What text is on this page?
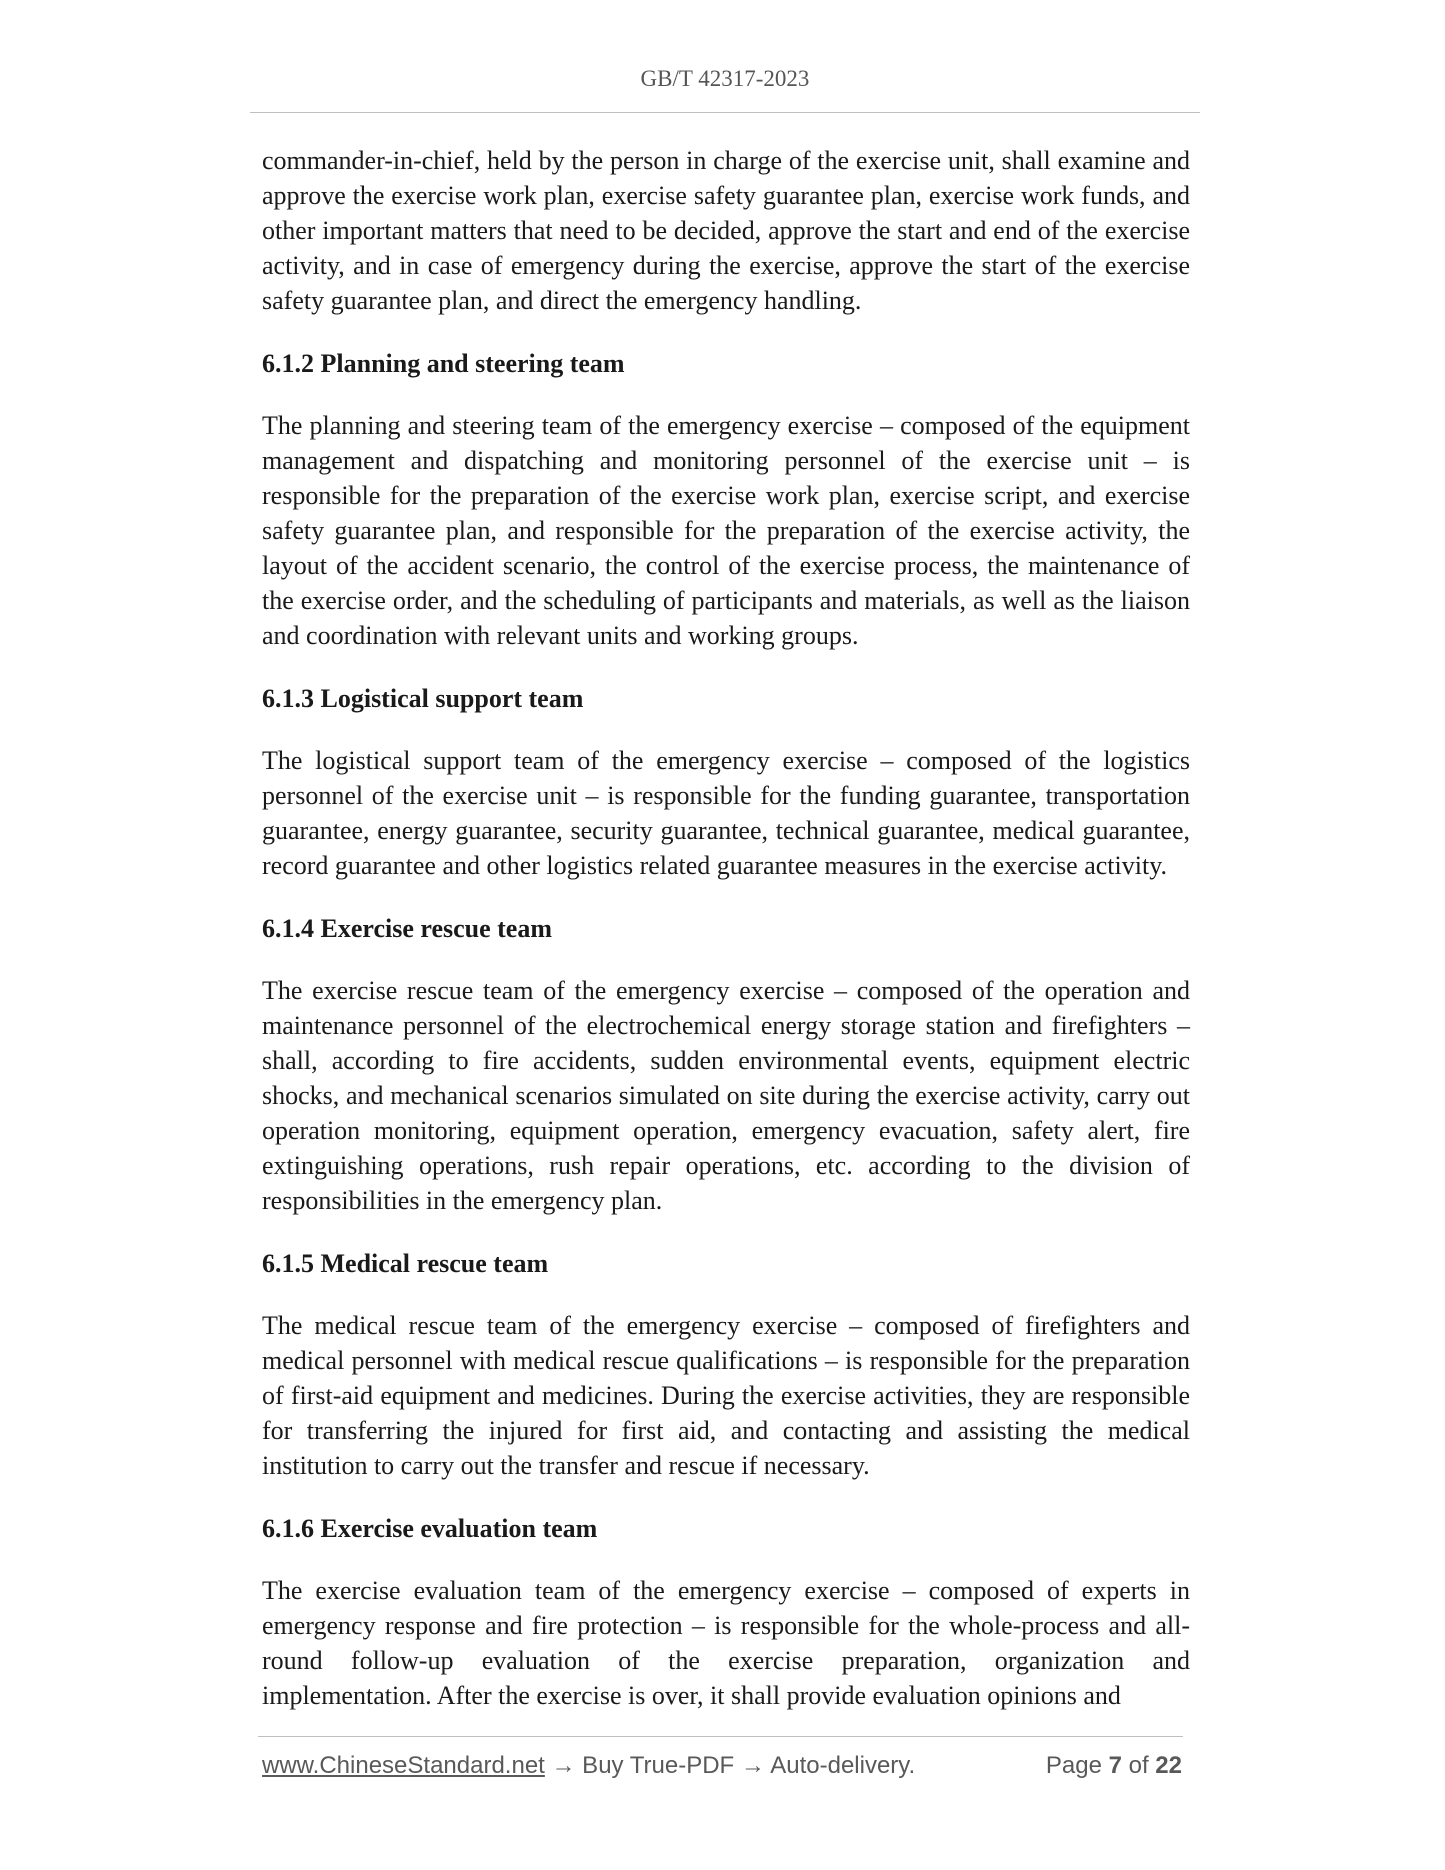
GB/T 42317-2023

commander-in-chief, held by the person in charge of the exercise unit, shall examine and approve the exercise work plan, exercise safety guarantee plan, exercise work funds, and other important matters that need to be decided, approve the start and end of the exercise activity, and in case of emergency during the exercise, approve the start of the exercise safety guarantee plan, and direct the emergency handling.

6.1.2 Planning and steering team

The planning and steering team of the emergency exercise – composed of the equipment management and dispatching and monitoring personnel of the exercise unit – is responsible for the preparation of the exercise work plan, exercise script, and exercise safety guarantee plan, and responsible for the preparation of the exercise activity, the layout of the accident scenario, the control of the exercise process, the maintenance of the exercise order, and the scheduling of participants and materials, as well as the liaison and coordination with relevant units and working groups.

6.1.3 Logistical support team

The logistical support team of the emergency exercise – composed of the logistics personnel of the exercise unit – is responsible for the funding guarantee, transportation guarantee, energy guarantee, security guarantee, technical guarantee, medical guarantee, record guarantee and other logistics related guarantee measures in the exercise activity.

6.1.4 Exercise rescue team

The exercise rescue team of the emergency exercise – composed of the operation and maintenance personnel of the electrochemical energy storage station and firefighters – shall, according to fire accidents, sudden environmental events, equipment electric shocks, and mechanical scenarios simulated on site during the exercise activity, carry out operation monitoring, equipment operation, emergency evacuation, safety alert, fire extinguishing operations, rush repair operations, etc. according to the division of responsibilities in the emergency plan.

6.1.5 Medical rescue team

The medical rescue team of the emergency exercise – composed of firefighters and medical personnel with medical rescue qualifications – is responsible for the preparation of first-aid equipment and medicines. During the exercise activities, they are responsible for transferring the injured for first aid, and contacting and assisting the medical institution to carry out the transfer and rescue if necessary.

6.1.6 Exercise evaluation team

The exercise evaluation team of the emergency exercise – composed of experts in emergency response and fire protection – is responsible for the whole-process and all-round follow-up evaluation of the exercise preparation, organization and implementation. After the exercise is over, it shall provide evaluation opinions and

www.ChineseStandard.net → Buy True-PDF → Auto-delivery.	Page 7 of 22
